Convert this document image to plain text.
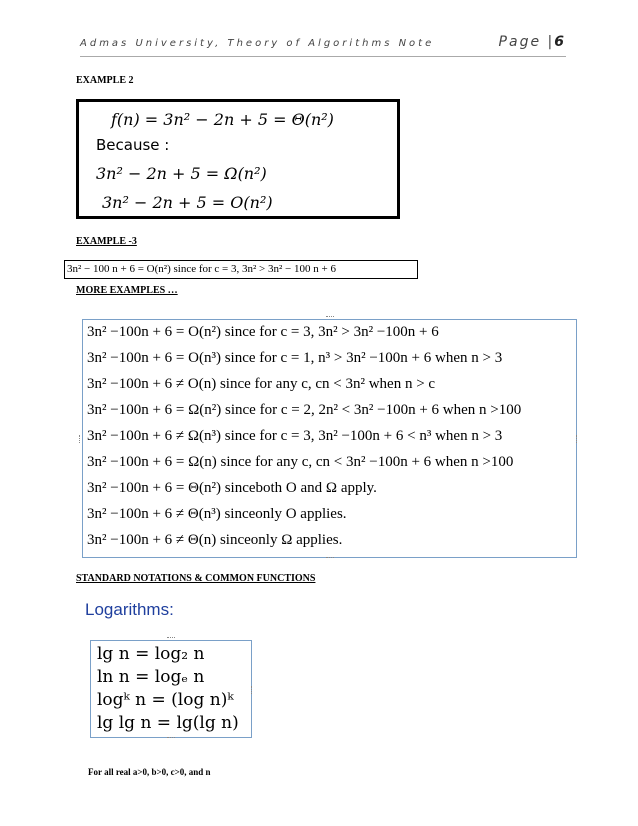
Admas University, Theory of Algorithms Note	Page |6
EXAMPLE 2
f(n) = 3n² − 2n + 5 = Θ(n²)
Because :
3n² − 2n + 5 = Ω(n²)
3n² − 2n + 5 = O(n²)
EXAMPLE -3
3n² − 100 n + 6 = O(n²) since for c = 3, 3n² > 3n² − 100 n + 6
MORE EXAMPLES …
3n² −100n + 6 = O(n²) since for c = 3, 3n² > 3n² −100n + 6
3n² −100n + 6 = O(n³) since for c = 1, n³ > 3n² −100n + 6 when n > 3
3n² −100n + 6 ≠ O(n) since for any c, cn < 3n² when n > c
3n² −100n + 6 = Ω(n²) since for c = 2, 2n² < 3n² −100n + 6 when n >100
3n² −100n + 6 ≠ Ω(n³) since for c = 3, 3n² −100n + 6 < n³ when n > 3
3n² −100n + 6 = Ω(n) since for any c, cn < 3n² −100n + 6 when n >100
3n² −100n + 6 = Θ(n²) sinceboth O and Ω apply.
3n² −100n + 6 ≠ Θ(n³) sinceonly O applies.
3n² −100n + 6 ≠ Θ(n) sinceonly Ω applies.
STANDARD NOTATIONS & COMMON FUNCTIONS
Logarithms:
lg n = log₂ n
ln n = logₑ n
logᵏ n = (log n)ᵏ
lg lg n = lg(lg n)
For all real a>0, b>0, c>0, and n
